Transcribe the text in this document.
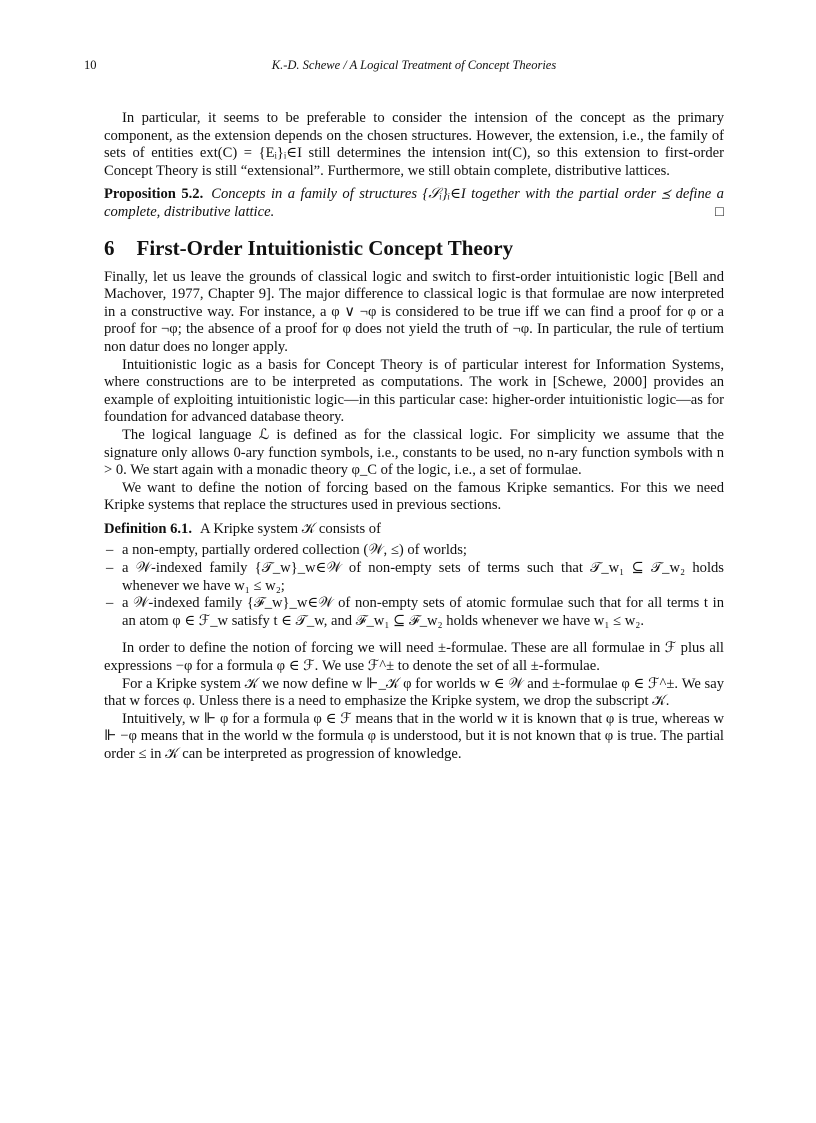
10	K.-D. Schewe / A Logical Treatment of Concept Theories

In particular, it seems to be preferable to consider the intension of the concept as the primary component, as the extension depends on the chosen structures. However, the extension, i.e., the family of sets of entities ext(C) = {Eᵢ}ᵢ∈I still determines the intension int(C), so this extension to first-order Concept Theory is still “extensional”. Furthermore, we still obtain complete, distributive lattices.

Proposition 5.2. Concepts in a family of structures {𝒮ᵢ}ᵢ∈I together with the partial order ⪯ define a complete, distributive lattice.	□

6 First-Order Intuitionistic Concept Theory

Finally, let us leave the grounds of classical logic and switch to first-order intuitionistic logic [Bell and Machover, 1977, Chapter 9]. The major difference to classical logic is that formulae are now interpreted in a constructive way. For instance, a φ ∨ ¬φ is considered to be true iff we can find a proof for φ or a proof for ¬φ; the absence of a proof for φ does not yield the truth of ¬φ. In particular, the rule of tertium non datur does no longer apply.

Intuitionistic logic as a basis for Concept Theory is of particular interest for Information Systems, where constructions are to be interpreted as computations. The work in [Schewe, 2000] provides an example of exploiting intuitionistic logic—in this particular case: higher-order intuitionistic logic—as for foundation for advanced database theory.

The logical language ℒ is defined as for the classical logic. For simplicity we assume that the signature only allows 0-ary function symbols, i.e., constants to be used, no n-ary function symbols with n > 0. We start again with a monadic theory φ_C of the logic, i.e., a set of formulae.

We want to define the notion of forcing based on the famous Kripke semantics. For this we need Kripke systems that replace the structures used in previous sections.

Definition 6.1. A Kripke system 𝒦 consists of

– a non-empty, partially ordered collection (𝒲, ≤) of worlds;
– a 𝒲-indexed family {𝒯_w}_w∈𝒲 of non-empty sets of terms such that 𝒯_w₁ ⊆ 𝒯_w₂ holds whenever we have w₁ ≤ w₂;
– a 𝒲-indexed family {ℱ_w}_w∈𝒲 of non-empty sets of atomic formulae such that for all terms t in an atom φ ∈ ℱ_w satisfy t ∈ 𝒯_w, and ℱ_w₁ ⊆ ℱ_w₂ holds whenever we have w₁ ≤ w₂.

In order to define the notion of forcing we will need ±-formulae. These are all formulae in ℱ plus all expressions −φ for a formula φ ∈ ℱ. We use ℱ^± to denote the set of all ±-formulae.

For a Kripke system 𝒦 we now define w ⊩_𝒦 φ for worlds w ∈ 𝒲 and ±-formulae φ ∈ ℱ^±. We say that w forces φ. Unless there is a need to emphasize the Kripke system, we drop the subscript 𝒦.

Intuitively, w ⊩ φ for a formula φ ∈ ℱ means that in the world w it is known that φ is true, whereas w ⊩ −φ means that in the world w the formula φ is understood, but it is not known that φ is true. The partial order ≤ in 𝒦 can be interpreted as progression of knowledge.
